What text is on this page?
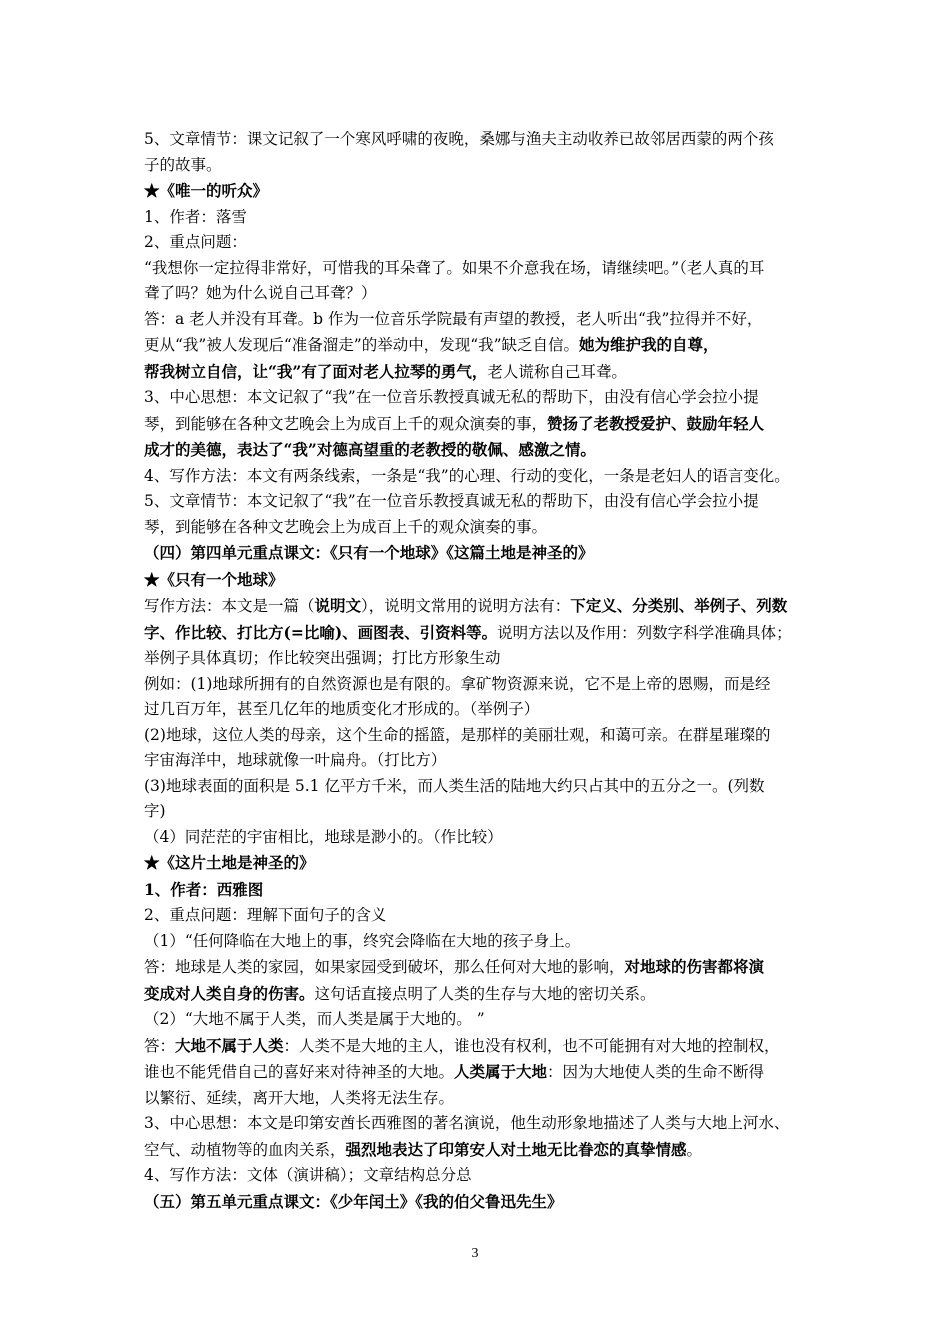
5、文章情节：课文记叙了一个寒风呼啸的夜晚，桑娜与渔夫主动收养已故邻居西蒙的两个孩

子的故事。

★《唯一的听众》

1、作者：落雪

2、重点问题：

“我想你一定拉得非常好，可惜我的耳朵聋了。如果不介意我在场，请继续吧。”（老人真的耳

聋了吗？她为什么说自己耳聋？）

答：a 老人并没有耳聋。b 作为一位音乐学院最有声望的教授，老人听出“我”拉得并不好，

更从“我”被人发现后“准备溜走”的举动中，发现“我”缺乏自信。她为维护我的自尊，

帮我树立自信，让“我”有了面对老人拉琴的勇气，老人谎称自己耳聋。

3、中心思想：本文记叙了“我”在一位音乐教授真诚无私的帮助下，由没有信心学会拉小提

琴，到能够在各种文艺晚会上为成百上千的观众演奏的事，赞扬了老教授爱护、鼓励年轻人

成才的美德，表达了“我”对德高望重的老教授的敬佩、感激之情。

4、写作方法：本文有两条线索，一条是“我”的心理、行动的变化，一条是老妇人的语言变化。

5、文章情节：本文记叙了“我”在一位音乐教授真诚无私的帮助下，由没有信心学会拉小提

琴，到能够在各种文艺晚会上为成百上千的观众演奏的事。

（四）第四单元重点课文：《只有一个地球》《这篇土地是神圣的》

★《只有一个地球》

写作方法：本文是一篇（说明文），说明文常用的说明方法有：下定义、分类别、举例子、列数

字、作比较、打比方(=比喻)、画图表、引资料等。说明方法以及作用：列数字科学准确具体；

举例子具体真切；作比较突出强调；打比方形象生动

例如：(1)地球所拥有的自然资源也是有限的。拿矿物资源来说，它不是上帝的恩赐，而是经

过几百万年，甚至几亿年的地质变化才形成的。（举例子）

(2)地球，这位人类的母亲，这个生命的摇篮，是那样的美丽壮观，和蔼可亲。在群星璀璨的

宇宙海洋中，地球就像一叶扁舟。（打比方）

(3)地球表面的面积是 5.1 亿平方千米，而人类生活的陆地大约只占其中的五分之一。(列数

字)

（4）同茫茫的宇宙相比，地球是渺小的。（作比较）

★《这片土地是神圣的》

1、作者：西雅图

2、重点问题：理解下面句子的含义

（1）“任何降临在大地上的事，终究会降临在大地的孩子身上。

答：地球是人类的家园，如果家园受到破坏，那么任何对大地的影响，对地球的伤害都将演

变成对人类自身的伤害。这句话直接点明了人类的生存与大地的密切关系。

（2）“大地不属于人类，而人类是属于大地的。 ”

答：大地不属于人类：人类不是大地的主人，谁也没有权利，也不可能拥有对大地的控制权，

谁也不能凭借自己的喜好来对待神圣的大地。人类属于大地：因为大地使人类的生命不断得

以繁衍、延续，离开大地，人类将无法生存。

3、中心思想：本文是印第安酋长西雅图的著名演说，他生动形象地描述了人类与大地上河水、

空气、动植物等的血肉关系，强烈地表达了印第安人对土地无比眷恋的真挚情感。

4、写作方法：文体（演讲稿）；文章结构总分总

（五）第五单元重点课文：《少年闰土》《我的伯父鲁迅先生》

3
